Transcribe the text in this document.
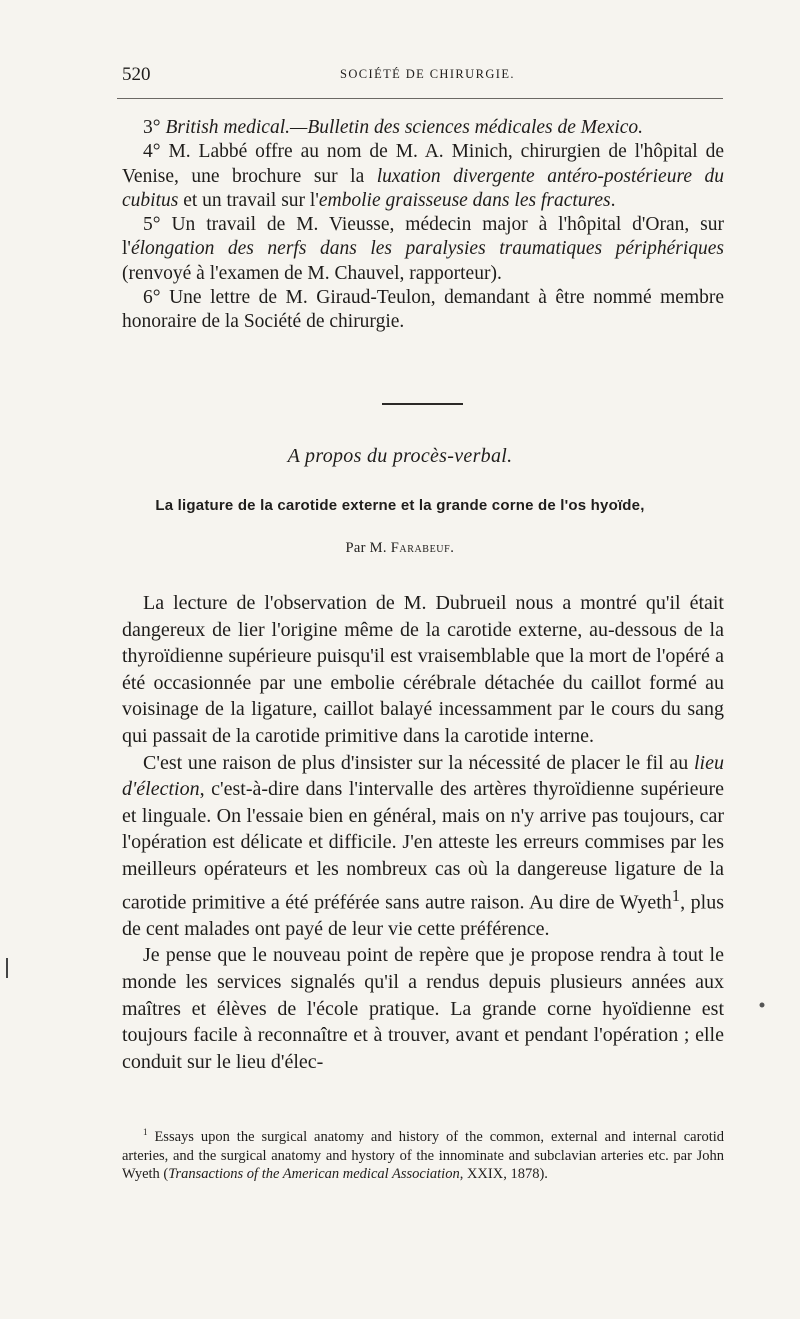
520	SOCIÉTÉ DE CHIRURGIE.

3° British medical.—Bulletin des sciences médicales de Mexico.

4° M. Labbé offre au nom de M. A. Minich, chirurgien de l'hôpital de Venise, une brochure sur la luxation divergente antéro-postérieure du cubitus et un travail sur l'embolie graisseuse dans les fractures.

5° Un travail de M. Vieusse, médecin major à l'hôpital d'Oran, sur l'élongation des nerfs dans les paralysies traumatiques périphériques (renvoyé à l'examen de M. Chauvel, rapporteur).

6° Une lettre de M. Giraud-Teulon, demandant à être nommé membre honoraire de la Société de chirurgie.

A propos du procès-verbal.
La ligature de la carotide externe et la grande corne de l'os hyoïde,
Par M. Farabeuf.

La lecture de l'observation de M. Dubrueil nous a montré qu'il était dangereux de lier l'origine même de la carotide externe, au-dessous de la thyroïdienne supérieure puisqu'il est vraisemblable que la mort de l'opéré a été occasionnée par une embolie cérébrale détachée du caillot formé au voisinage de la ligature, caillot balayé incessamment par le cours du sang qui passait de la carotide primitive dans la carotide interne.

C'est une raison de plus d'insister sur la nécessité de placer le fil au lieu d'élection, c'est-à-dire dans l'intervalle des artères thyroïdienne supérieure et linguale. On l'essaie bien en général, mais on n'y arrive pas toujours, car l'opération est délicate et difficile. J'en atteste les erreurs commises par les meilleurs opérateurs et les nombreux cas où la dangereuse ligature de la carotide primitive a été préférée sans autre raison. Au dire de Wyeth$^1$, plus de cent malades ont payé de leur vie cette préférence.

Je pense que le nouveau point de repère que je propose rendra à tout le monde les services signalés qu'il a rendus depuis plusieurs années aux maîtres et élèves de l'école pratique. La grande corne hyoïdienne est toujours facile à reconnaître et à trouver, avant et pendant l'opération ; elle conduit sur le lieu d'élec-

$^1$ Essays upon the surgical anatomy and history of the common, external and internal carotid arteries, and the surgical anatomy and hystory of the innominate and subclavian arteries etc. par John Wyeth (Transactions of the American medical Association, XXIX, 1878).
